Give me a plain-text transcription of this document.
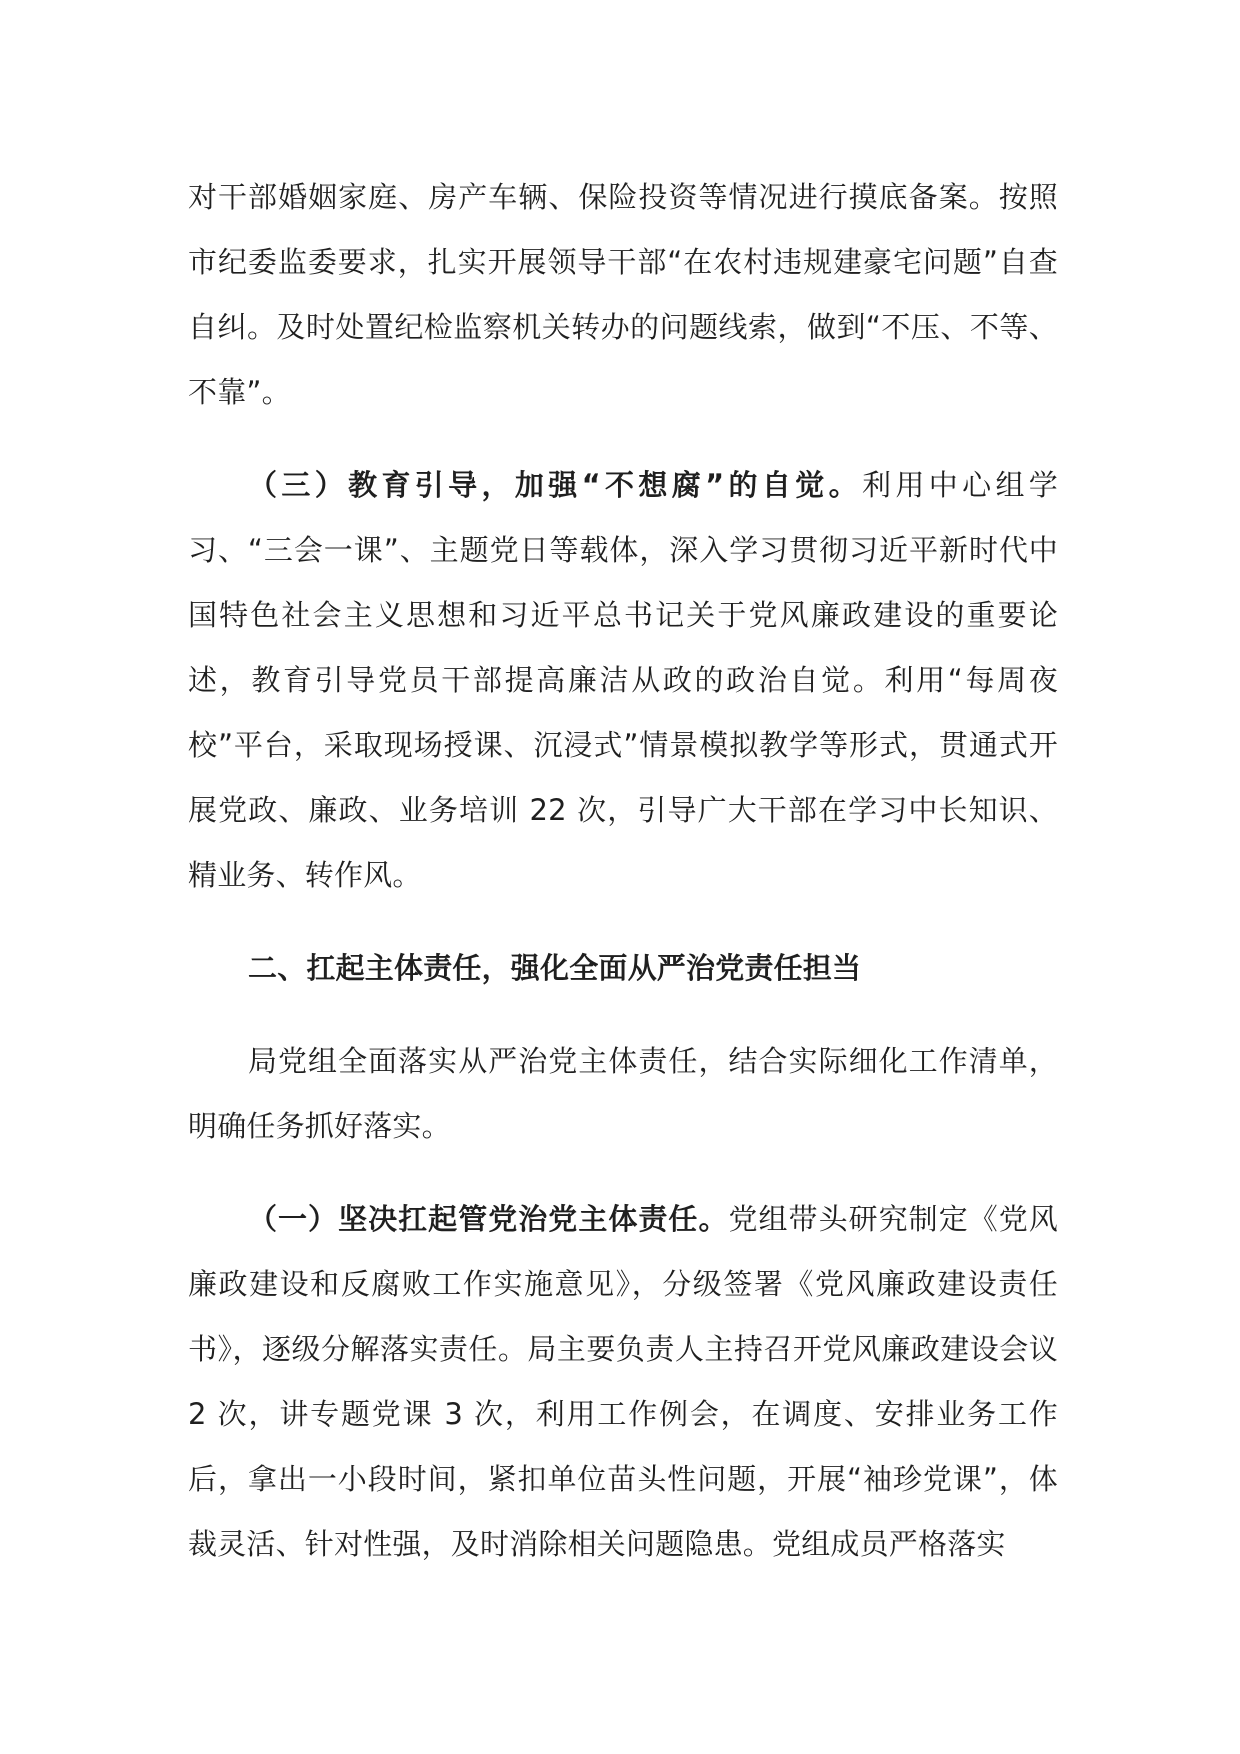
对干部婚姻家庭、房产车辆、保险投资等情况进行摸底备案。按照市纪委监委要求，扎实开展领导干部“在农村违规建豪宅问题”自查自纠。及时处置纪检监察机关转办的问题线索，做到“不压、不等、不靠”。

（三）教育引导，加强“不想腐”的自觉。利用中心组学习、“三会一课”、主题党日等载体，深入学习贯彻习近平新时代中国特色社会主义思想和习近平总书记关于党风廉政建设的重要论述，教育引导党员干部提高廉洁从政的政治自觉。利用“每周夜校”平台，采取现场授课、沉浸式”情景模拟教学等形式，贯通式开展党政、廉政、业务培训 22 次，引导广大干部在学习中长知识、精业务、转作风。

二、扛起主体责任，强化全面从严治党责任担当

局党组全面落实从严治党主体责任，结合实际细化工作清单，明确任务抓好落实。

（一）坚决扛起管党治党主体责任。党组带头研究制定《党风廉政建设和反腐败工作实施意见》，分级签署《党风廉政建设责任书》，逐级分解落实责任。局主要负责人主持召开党风廉政建设会议 2 次，讲专题党课 3 次，利用工作例会，在调度、安排业务工作后，拿出一小段时间，紧扣单位苗头性问题，开展“袖珍党课”，体裁灵活、针对性强，及时消除相关问题隐患。党组成员严格落实
